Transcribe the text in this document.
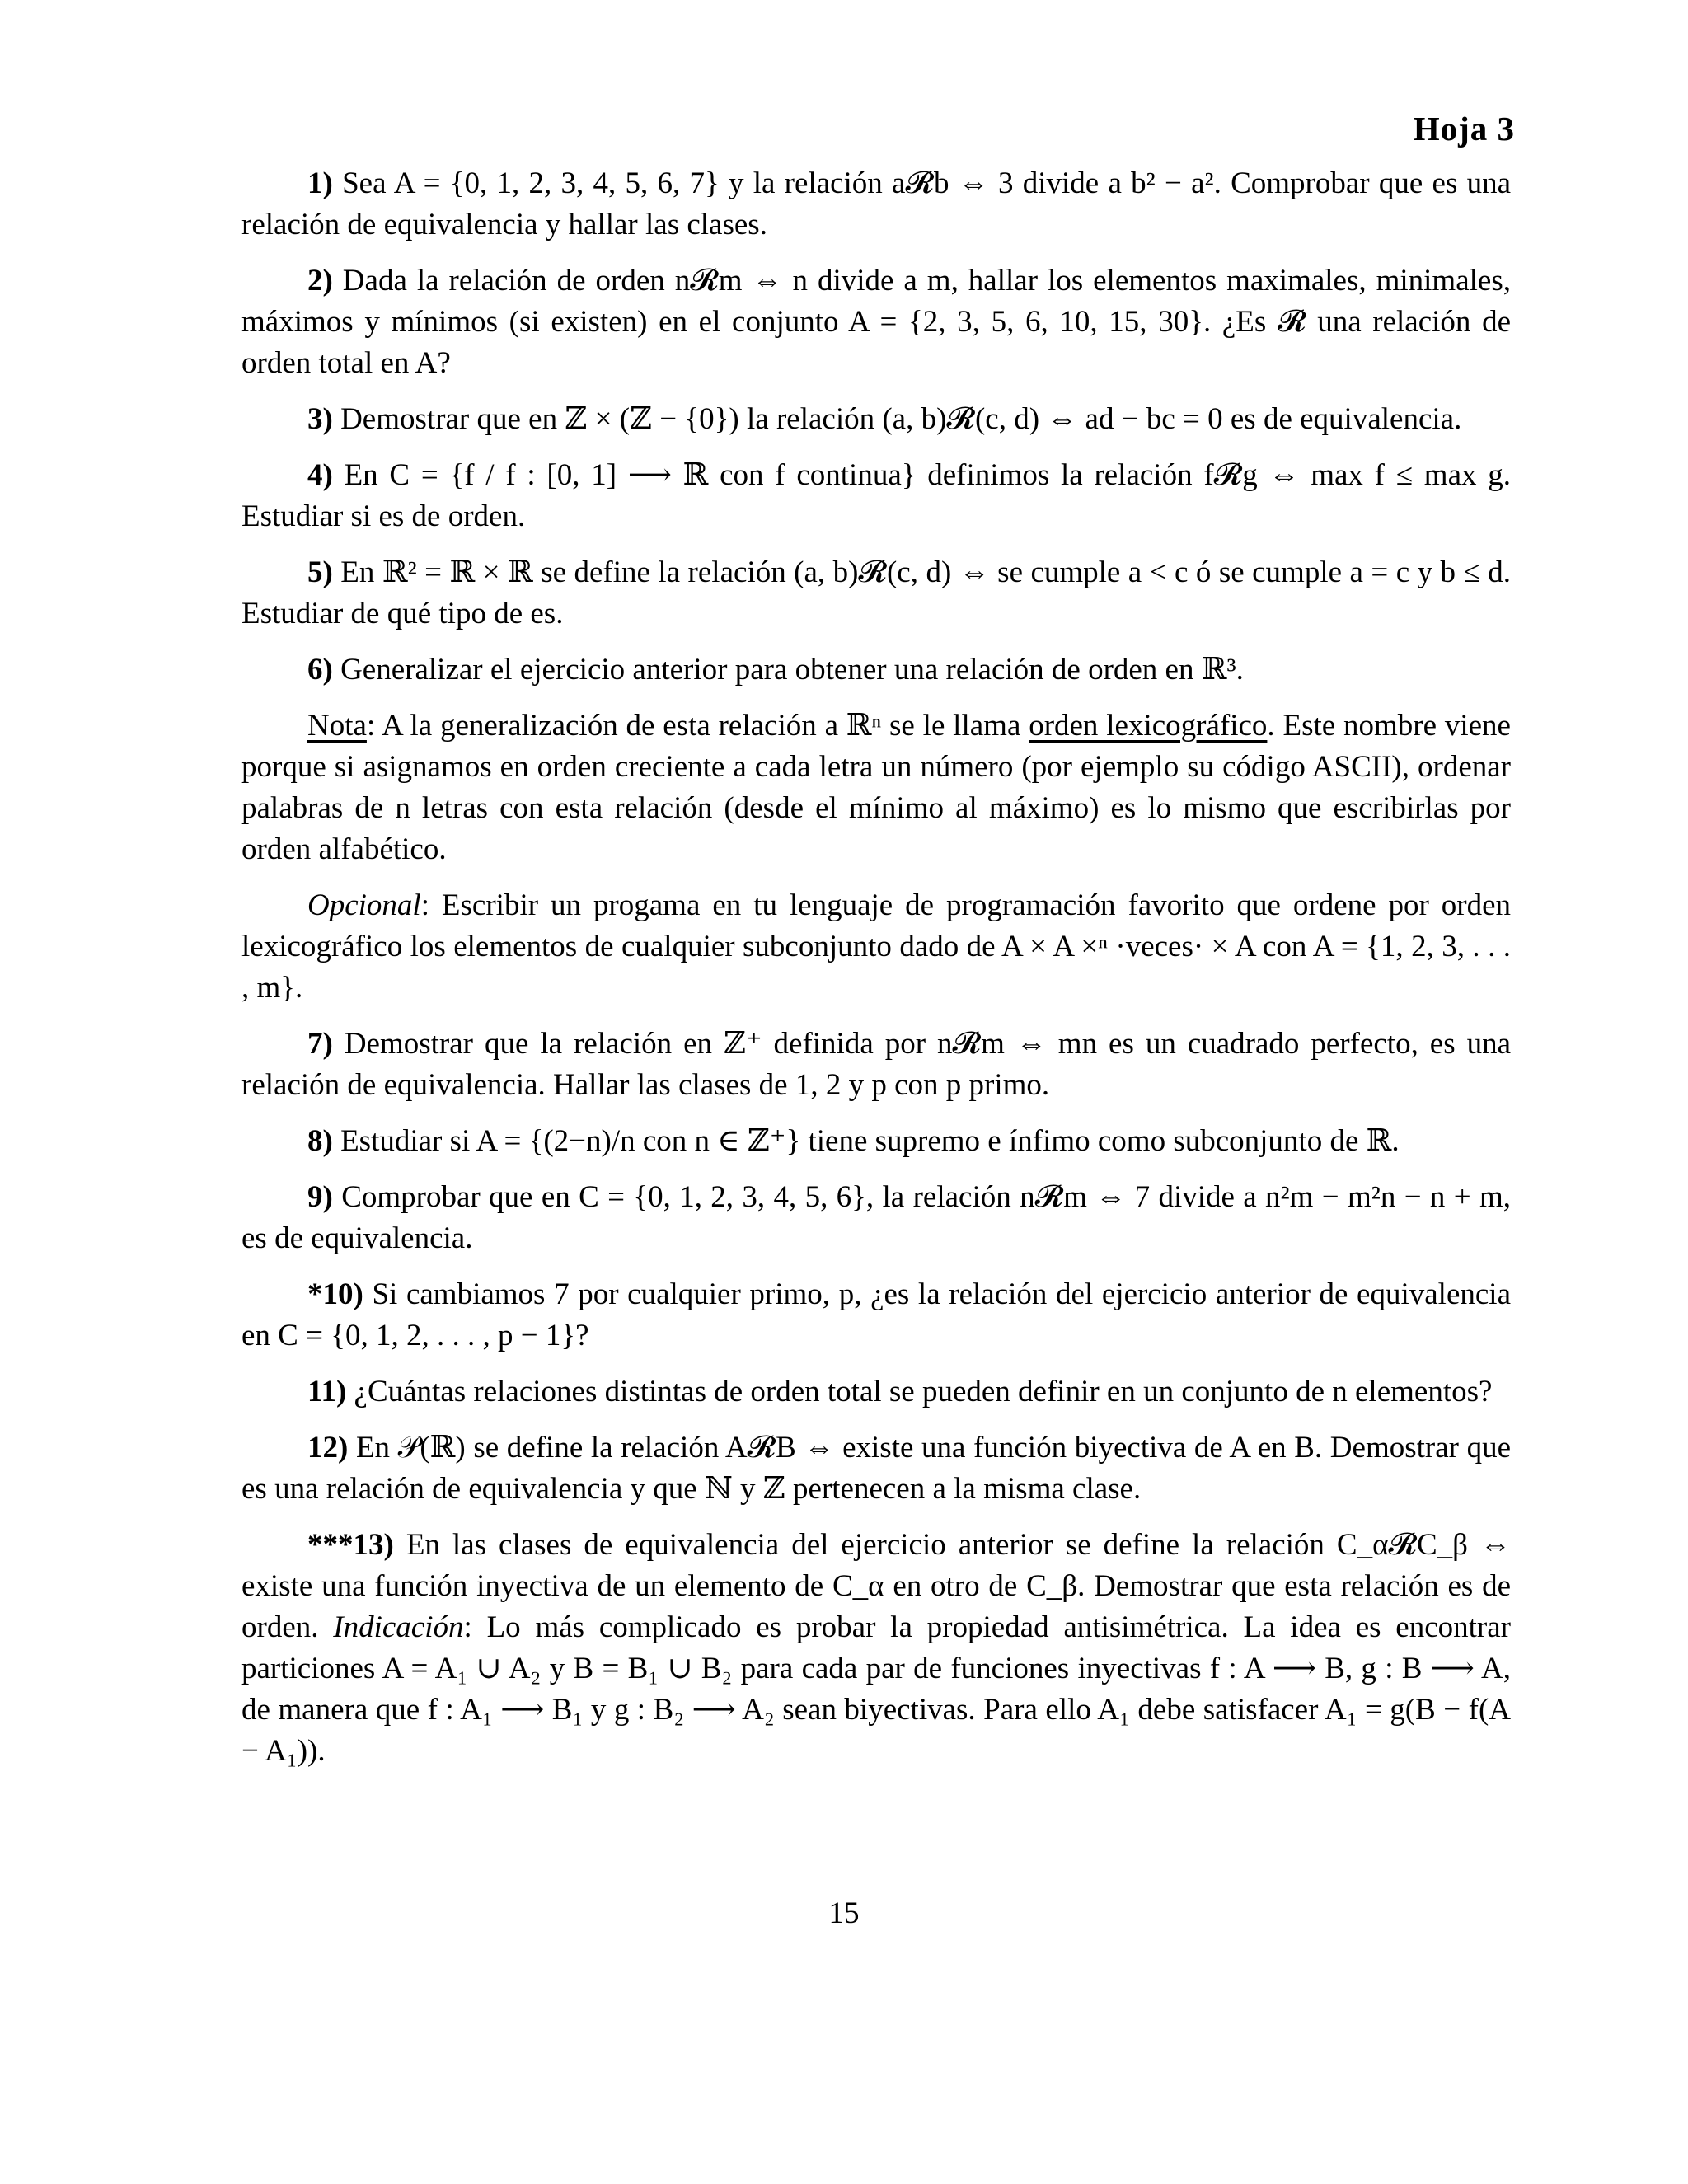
Hoja 3

1) Sea A = {0, 1, 2, 3, 4, 5, 6, 7} y la relación a𝓡b ⇔ 3 divide a b² − a². Comprobar que es una relación de equivalencia y hallar las clases.

2) Dada la relación de orden n𝓡m ⇔ n divide a m, hallar los elementos maximales, minimales, máximos y mínimos (si existen) en el conjunto A = {2, 3, 5, 6, 10, 15, 30}. ¿Es 𝓡 una relación de orden total en A?

3) Demostrar que en ℤ × (ℤ − {0}) la relación (a, b)𝓡(c, d) ⇔ ad − bc = 0 es de equivalencia.

4) En C = {f / f : [0, 1] ⟶ ℝ con f continua} definimos la relación f𝓡g ⇔ max f ≤ max g. Estudiar si es de orden.

5) En ℝ² = ℝ × ℝ se define la relación (a, b)𝓡(c, d) ⇔ se cumple a < c ó se cumple a = c y b ≤ d. Estudiar de qué tipo de es.

6) Generalizar el ejercicio anterior para obtener una relación de orden en ℝ³.

Nota: A la generalización de esta relación a ℝⁿ se le llama orden lexicográfico. Este nombre viene porque si asignamos en orden creciente a cada letra un número (por ejemplo su código ASCII), ordenar palabras de n letras con esta relación (desde el mínimo al máximo) es lo mismo que escribirlas por orden alfabético.

Opcional: Escribir un progama en tu lenguaje de programación favorito que ordene por orden lexicográfico los elementos de cualquier subconjunto dado de A × A ×ⁿ ·veces· × A con A = {1, 2, 3, . . . , m}.

7) Demostrar que la relación en ℤ⁺ definida por n𝓡m ⇔ mn es un cuadrado perfecto, es una relación de equivalencia. Hallar las clases de 1, 2 y p con p primo.

8) Estudiar si A = {(2−n)/n con n ∈ ℤ⁺} tiene supremo e ínfimo como subconjunto de ℝ.

9) Comprobar que en C = {0, 1, 2, 3, 4, 5, 6}, la relación n𝓡m ⇔ 7 divide a n²m − m²n − n + m, es de equivalencia.

*10) Si cambiamos 7 por cualquier primo, p, ¿es la relación del ejercicio anterior de equivalencia en C = {0, 1, 2, . . . , p − 1}?

11) ¿Cuántas relaciones distintas de orden total se pueden definir en un conjunto de n elementos?

12) En 𝒫(ℝ) se define la relación A𝓡B ⇔ existe una función biyectiva de A en B. Demostrar que es una relación de equivalencia y que ℕ y ℤ pertenecen a la misma clase.

***13) En las clases de equivalencia del ejercicio anterior se define la relación C_α𝓡C_β ⇔ existe una función inyectiva de un elemento de C_α en otro de C_β. Demostrar que esta relación es de orden. Indicación: Lo más complicado es probar la propiedad antisimétrica. La idea es encontrar particiones A = A₁ ∪ A₂ y B = B₁ ∪ B₂ para cada par de funciones inyectivas f : A ⟶ B, g : B ⟶ A, de manera que f : A₁ ⟶ B₁ y g : B₂ ⟶ A₂ sean biyectivas. Para ello A₁ debe satisfacer A₁ = g(B − f(A − A₁)).

15
